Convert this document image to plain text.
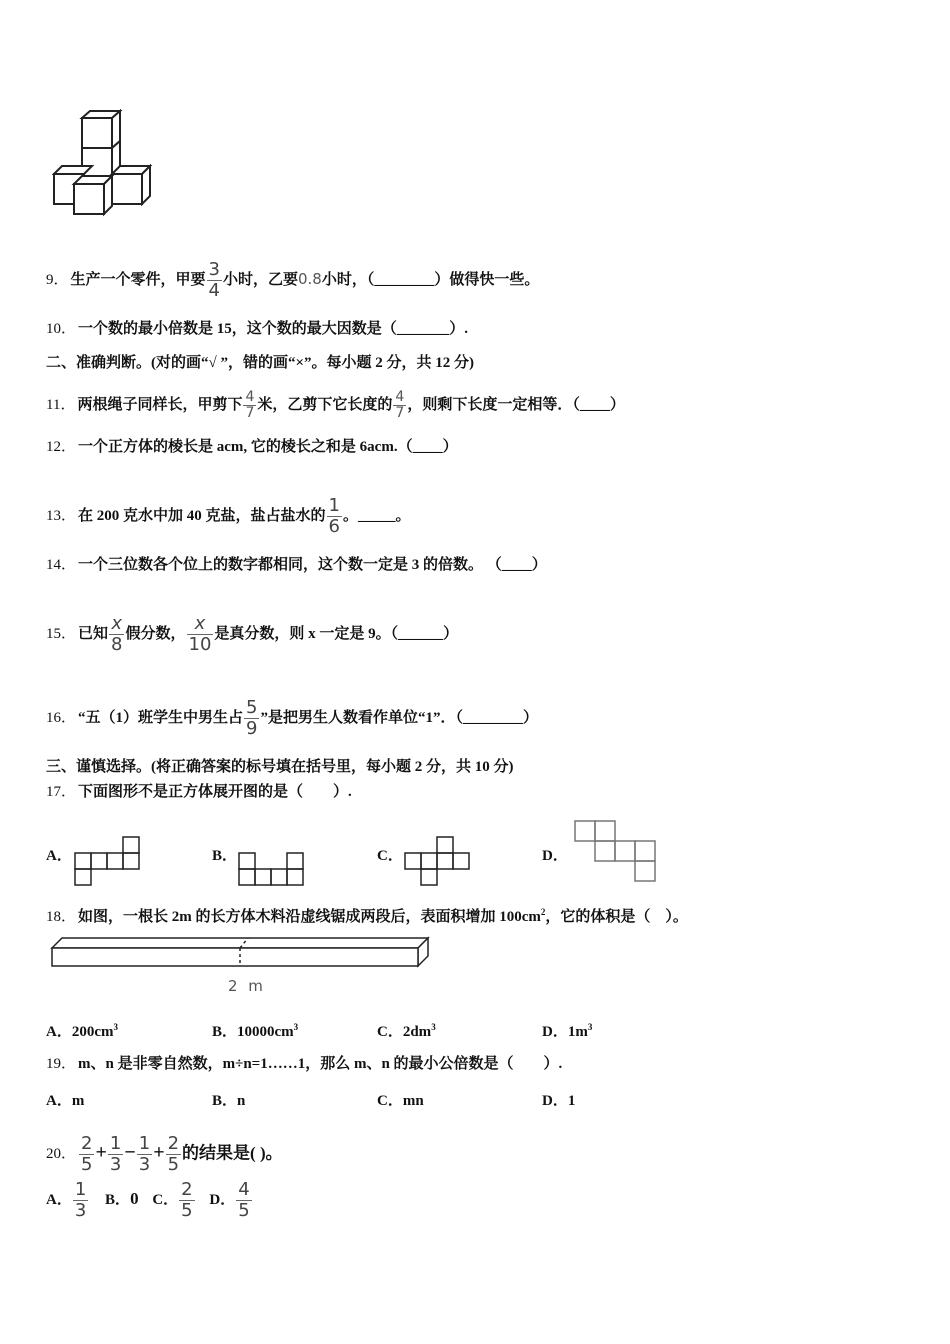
9． 生产一个零件，甲要 $\frac{3}{4}$ 小时，乙要0.8小时，（________）做得快一些。
10． 一个数的最小倍数是 15，这个数的最大因数是（_______）.
二、准确判断。(对的画“√ ”，错的画“×”。每小题 2 分，共 12 分)
11． 两根绳子同样长，甲剪下 $\frac{4}{7}$ 米，乙剪下它长度的 $\frac{4}{7}$ ，则剩下长度一定相等．（____）
12． 一个正方体的棱长是 acm, 它的棱长之和是 6acm.（____）
13． 在 200 克水中加 40 克盐，盐占盐水的 $\frac{1}{6}$ 。_____。
14． 一个三位数各个位上的数字都相同，这个数一定是 3 的倍数。 （____）
15． 已知 $\frac{x}{8}$ 假分数， $\frac{x}{10}$ 是真分数，则 x 一定是 9。（______）
16． “五（1）班学生中男生占 $\frac{5}{9}$ ”是把男生人数看作单位“1”．（________）
三、谨慎选择。(将正确答案的标号填在括号里，每小题 2 分，共 10 分)
17． 下面图形不是正方体展开图的是（　　）.
A．	B．	C．	D．
18． 如图，一根长 2m 的长方体木料沿虚线锯成两段后，表面积增加 $100cm^2$，它的体积是（　）。
2 m
A．$200cm^3$	B．$10000cm^3$	C．$2dm^3$	D．$1m^3$
19． m、n 是非零自然数，m÷n=1……1，那么 m、n 的最小公倍数是（　　）.
A．m	B．n	C．mn	D．1
20． $\frac{2}{5} + \frac{1}{3} - \frac{1}{3} + \frac{2}{5}$ 的结果是( )。
A． $\frac{1}{3}$ B．0 C． $\frac{2}{5}$ D． $\frac{4}{5}$
